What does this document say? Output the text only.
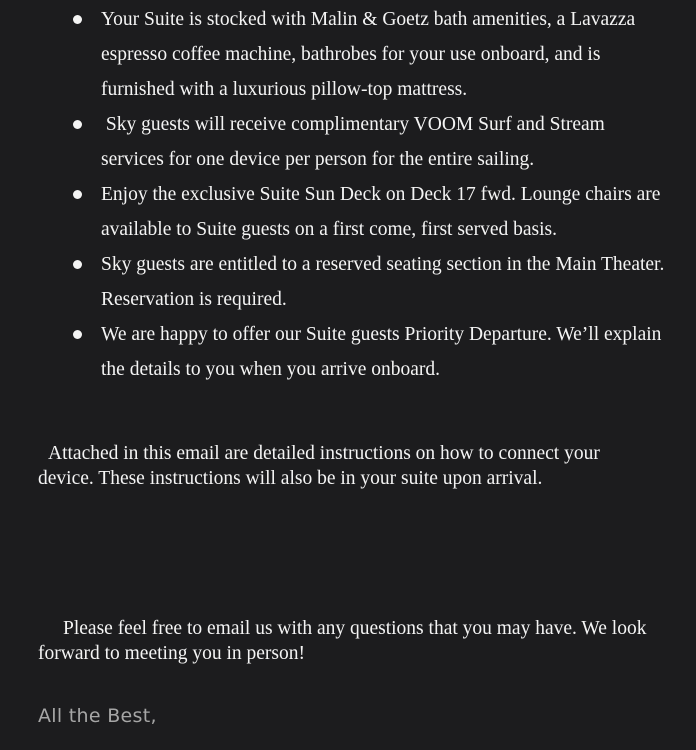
Your Suite is stocked with Malin & Goetz bath amenities, a Lavazza espresso coffee machine, bathrobes for your use onboard, and is furnished with a luxurious pillow-top mattress.
Sky guests will receive complimentary VOOM Surf and Stream services for one device per person for the entire sailing.
Enjoy the exclusive Suite Sun Deck on Deck 17 fwd. Lounge chairs are available to Suite guests on a first come, first served basis.
Sky guests are entitled to a reserved seating section in the Main Theater. Reservation is required.
We are happy to offer our Suite guests Priority Departure. We’ll explain the details to you when you arrive onboard.

Attached in this email are detailed instructions on how to connect your device. These instructions will also be in your suite upon arrival.

Please feel free to email us with any questions that you may have. We look forward to meeting you in person!

All the Best,
